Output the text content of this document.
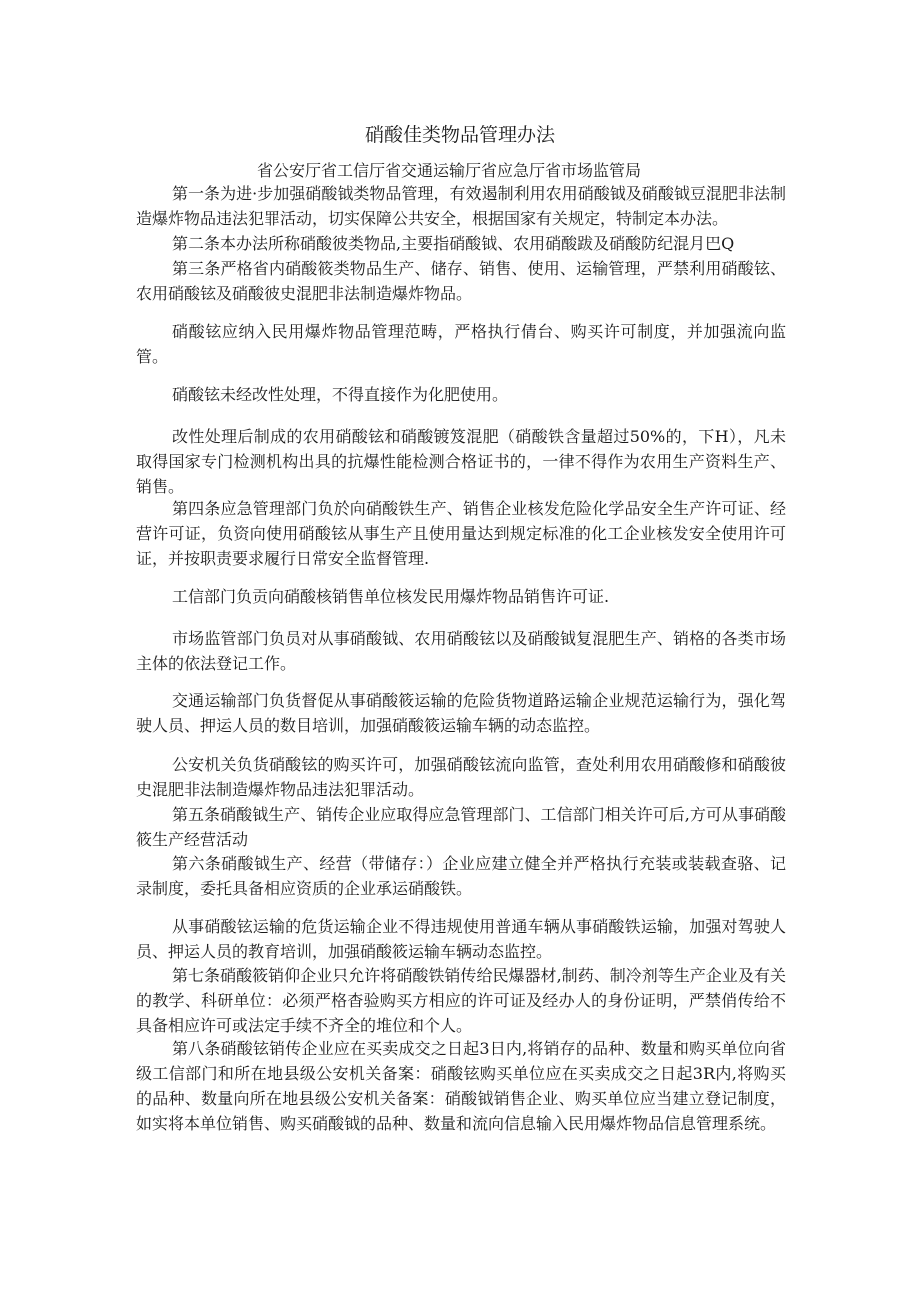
硝酸佳类物品管理办法
省公安厅省工信厅省交通运输厅省应急厅省市场监管局

第一条为进·步加强硝酸钺类物品管理，有效遏制利用农用硝酸钺及硝酸钺豆混肥非法制造爆炸物品违法犯罪活动，切实保障公共安全，根据国家有关规定，特制定本办法。

第二条本办法所称硝酸彼类物品,主要指硝酸钺、农用硝酸跋及硝酸防纪混月巴Q

第三条严格省内硝酸筱类物品生产、储存、销售、使用、运输管理，严禁利用硝酸铉、农用硝酸铉及硝酸彼史混肥非法制造爆炸物品。

硝酸铉应纳入民用爆炸物品管理范畴，严格执行倩台、购买许可制度，并加强流向监管。

硝酸铉未经改性处理，不得直接作为化肥使用。

改性处理后制成的农用硝酸铉和硝酸镀笈混肥（硝酸铁含量超过50%的，下H），凡未取得国家专门检测机构出具的抗爆性能检测合格证书的，一律不得作为农用生产资料生产、销售。

第四条应急管理部门负於向硝酸铁生产、销售企业核发危险化学品安全生产许可证、经营许可证，负资向使用硝酸铉从事生产且使用量达到规定标准的化工企业核发安全使用许可证，并按职责要求履行日常安全监督管理.

工信部门负贡向硝酸核销售单位核发民用爆炸物品销售许可证.

市场监管部门负员对从事硝酸钺、农用硝酸铉以及硝酸钺复混肥生产、销格的各类市场主体的依法登记工作。

交通运输部门负货督促从事硝酸筱运输的危险货物道路运输企业规范运输行为，强化驾驶人员、押运人员的数目培训，加强硝酸筱运输车辆的动态监控。

公安机关负货硝酸铉的购买许可，加强硝酸铉流向监管，查处利用农用硝酸修和硝酸彼史混肥非法制造爆炸物品违法犯罪活动。

第五条硝酸钺生产、销传企业应取得应急管理部门、工信部门相关许可后,方可从事硝酸筱生产经营活动

第六条硝酸钺生产、经营（带储存：）企业应建立健全并严格执行充装或装载查骆、记录制度，委托具备相应资质的企业承运硝酸铁。

从事硝酸铉运输的危货运输企业不得违规使用普通车辆从事硝酸铁运输，加强对驾驶人员、押运人员的教育培训，加强硝酸筱运输车辆动态监控。

第七条硝酸筱销仰企业只允许将硝酸铁销传给民爆器材,制药、制冷剂等生产企业及有关的教学、科研单位：必须严格杳验购买方相应的许可证及经办人的身份证明，严禁俏传给不具备相应许可或法定手续不齐全的堆位和个人。

第八条硝酸铉销传企业应在买卖成交之日起3日内,将销存的品种、数量和购买单位向省级工信部门和所在地县级公安机关备案：硝酸铉购买单位应在买卖成交之日起3R内,将购买的品种、数量向所在地县级公安机关备案：硝酸钺销售企业、购买单位应当建立登记制度，如实将本单位销售、购买硝酸钺的品种、数量和流向信息输入民用爆炸物品信息管理系统。
